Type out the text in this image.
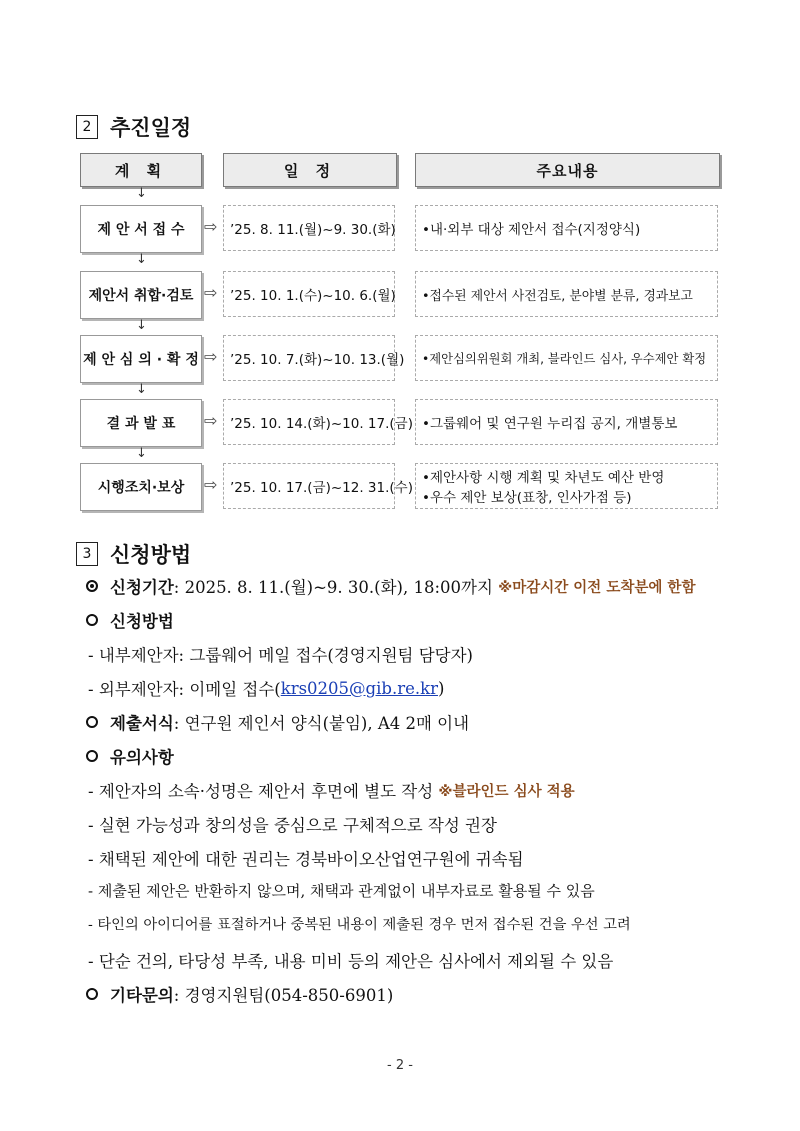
2 추진일정
계 획	일 정	주요내용
↓
제 안 서 접 수	⇨ ’25. 8. 11.(월)~9. 30.(화) •내·외부 대상 제안서 접수(지정양식)
↓
제안서 취합·검토 ⇨ ’25. 10. 1.(수)~10. 6.(월) •접수된 제안서 사전검토, 분야별 분류, 경과보고
↓
제 안 심 의 · 확 정 ⇨ ’25. 10. 7.(화)~10. 13.(월) •제안심의위원회 개최, 블라인드 심사, 우수제안 확정
↓
결 과 발 표	⇨ ’25. 10. 14.(화)~10. 17.(금) •그룹웨어 및 연구원 누리집 공지, 개별통보
↓
시행조치·보상	⇨ ’25. 10. 17.(금)~12. 31.(수)
•제안사항 시행 계획 및 차년도 예산 반영
•우수 제안 보상(표창, 인사가점 등)
3 신청방법
신청기간 : 2025. 8. 11.(월)~9. 30.(화), 18:00까지 ※마감시간 이전 도착분에 한함
신청방법
- 내부제안자: 그룹웨어 메일 접수(경영지원팀 담당자)
- 외부제안자: 이메일 접수( krs0205@gib.re.kr )
제출서식 : 연구원 제인서 양식(붙임), A4 2매 이내
유의사항
- 제안자의 소속·성명은 제안서 후면에 별도 작성 ※블라인드 심사 적용
- 실현 가능성과 창의성을 중심으로 구체적으로 작성 권장
- 채택된 제안에 대한 권리는 경북바이오산업연구원에 귀속됨
- 제출된 제안은 반환하지 않으며, 채택과 관계없이 내부자료로 활용될 수 있음
- 타인의 아이디어를 표절하거나 중복된 내용이 제출된 경우 먼저 접수된 건을 우선 고려
- 단순 건의, 타당성 부족, 내용 미비 등의 제안은 심사에서 제외될 수 있음
기타문의 : 경영지원팀(054-850-6901)
- 2 -
